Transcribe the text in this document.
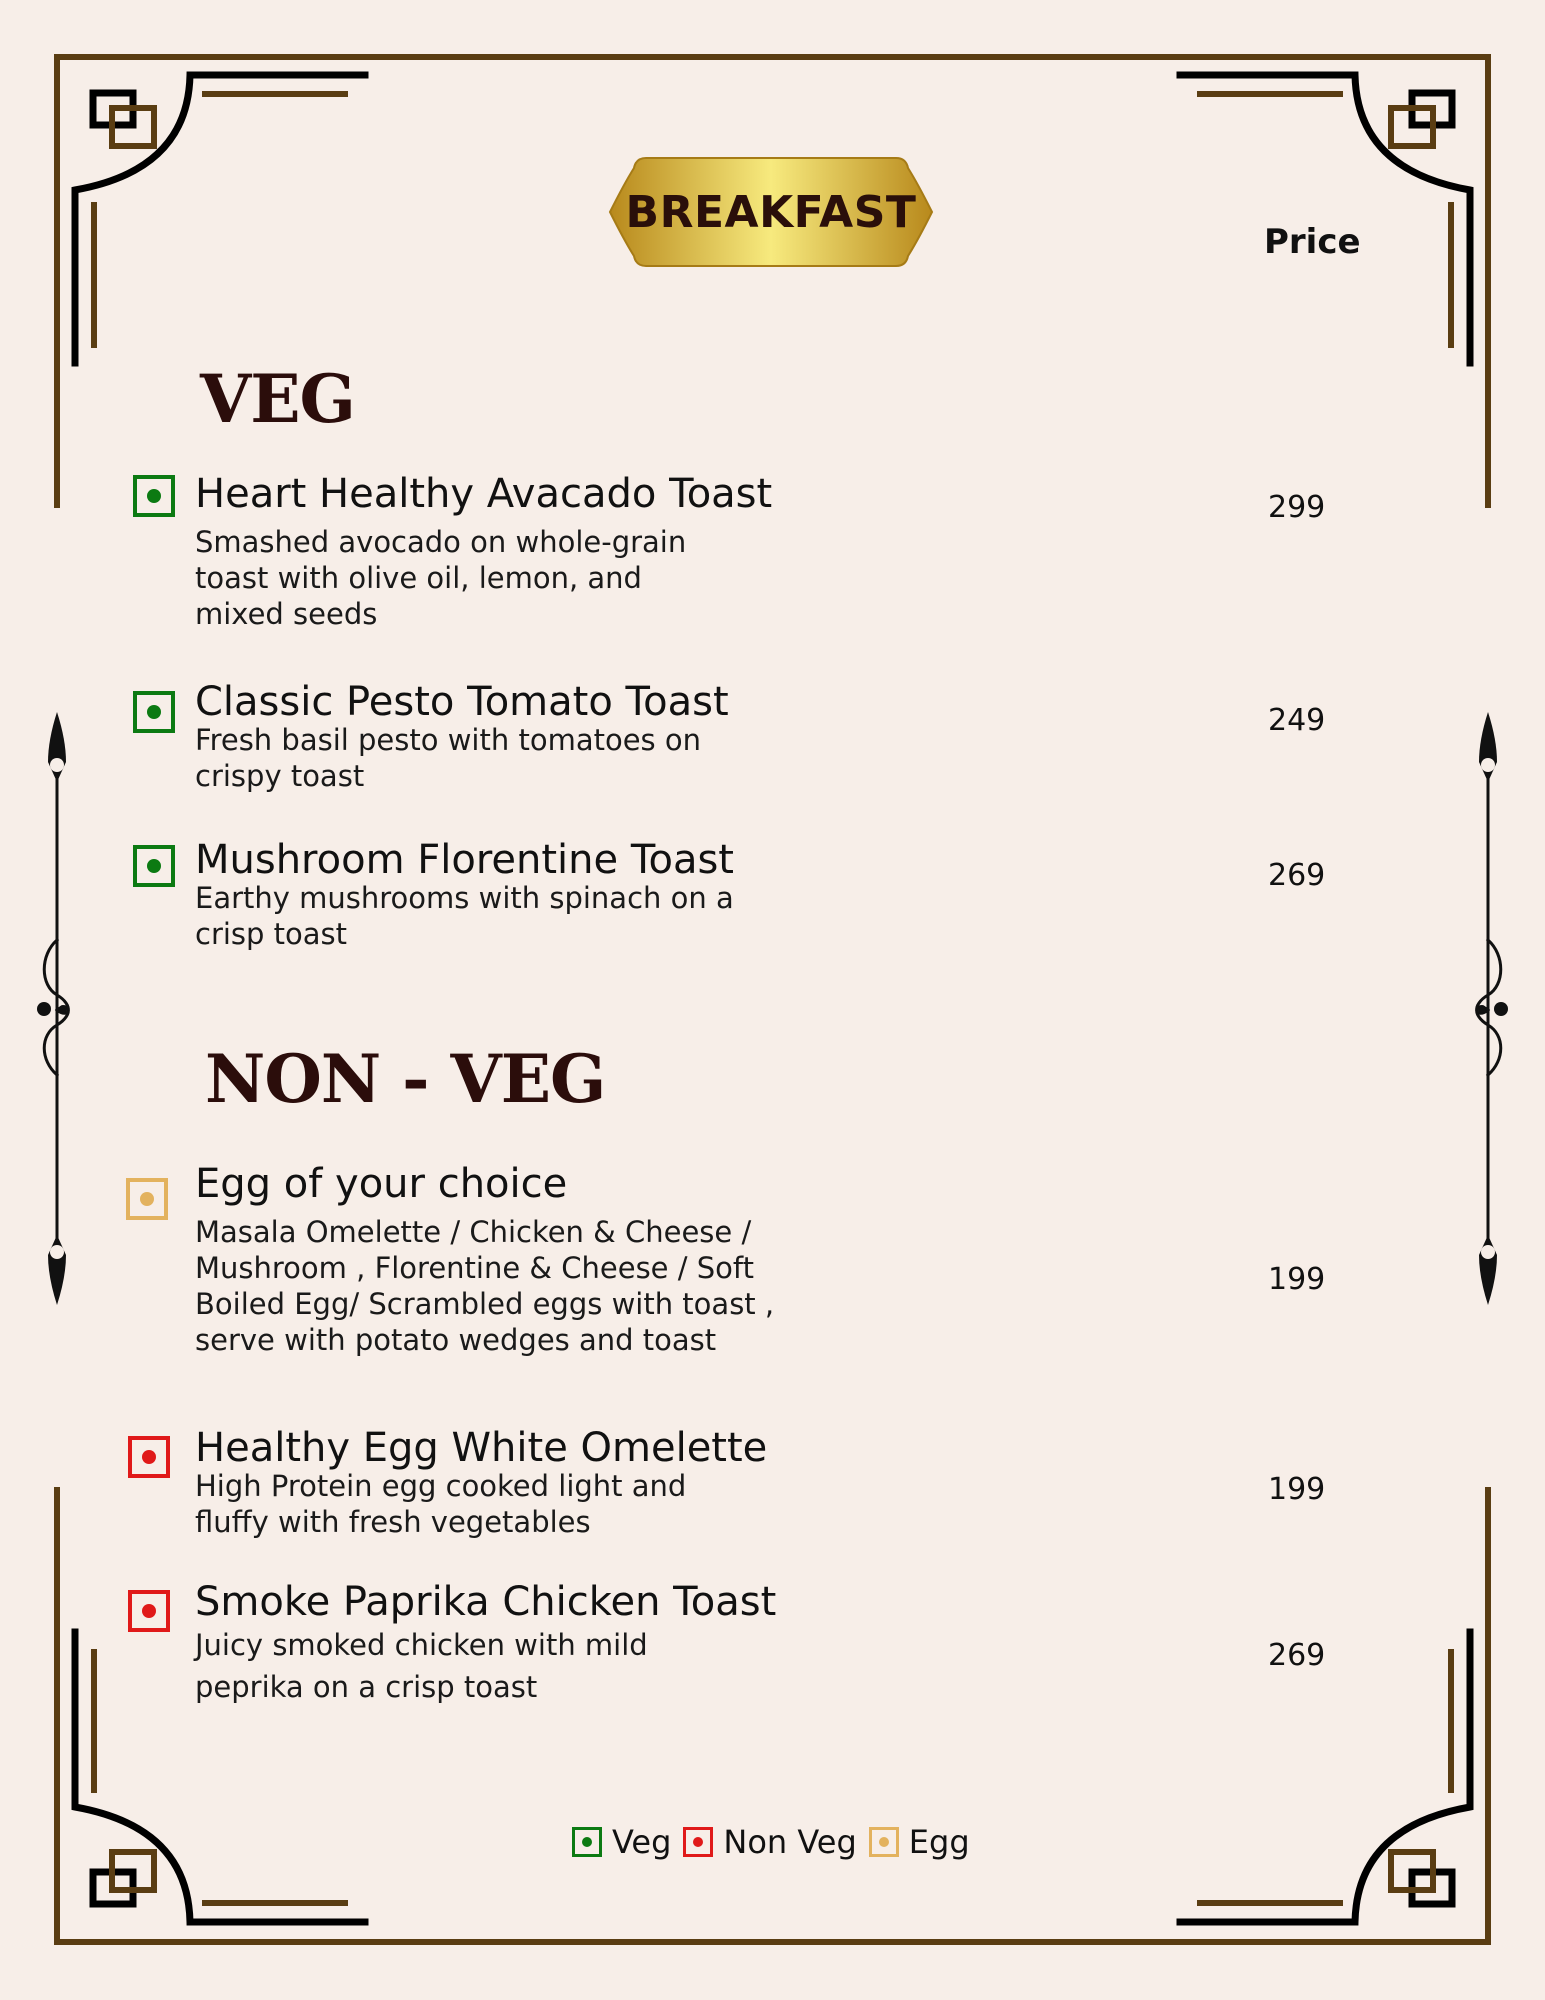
BREAKFAST
Price
VEG
Heart Healthy Avacado Toast
Smashed avocado on whole-grain toast with olive oil, lemon, and mixed seeds
299
Classic Pesto Tomato Toast
Fresh basil pesto with tomatoes on crispy toast
249
Mushroom Florentine Toast
Earthy mushrooms with spinach on a crisp toast
269
NON - VEG
Egg of your choice
Masala Omelette / Chicken & Cheese / Mushroom , Florentine & Cheese / Soft Boiled Egg/ Scrambled eggs with toast , serve with potato wedges and toast
199
Healthy Egg White Omelette
High Protein egg cooked light and fluffy with fresh vegetables
199
Smoke Paprika Chicken Toast
Juicy smoked chicken with mild peprika on a crisp toast
269
Veg Non Veg Egg
